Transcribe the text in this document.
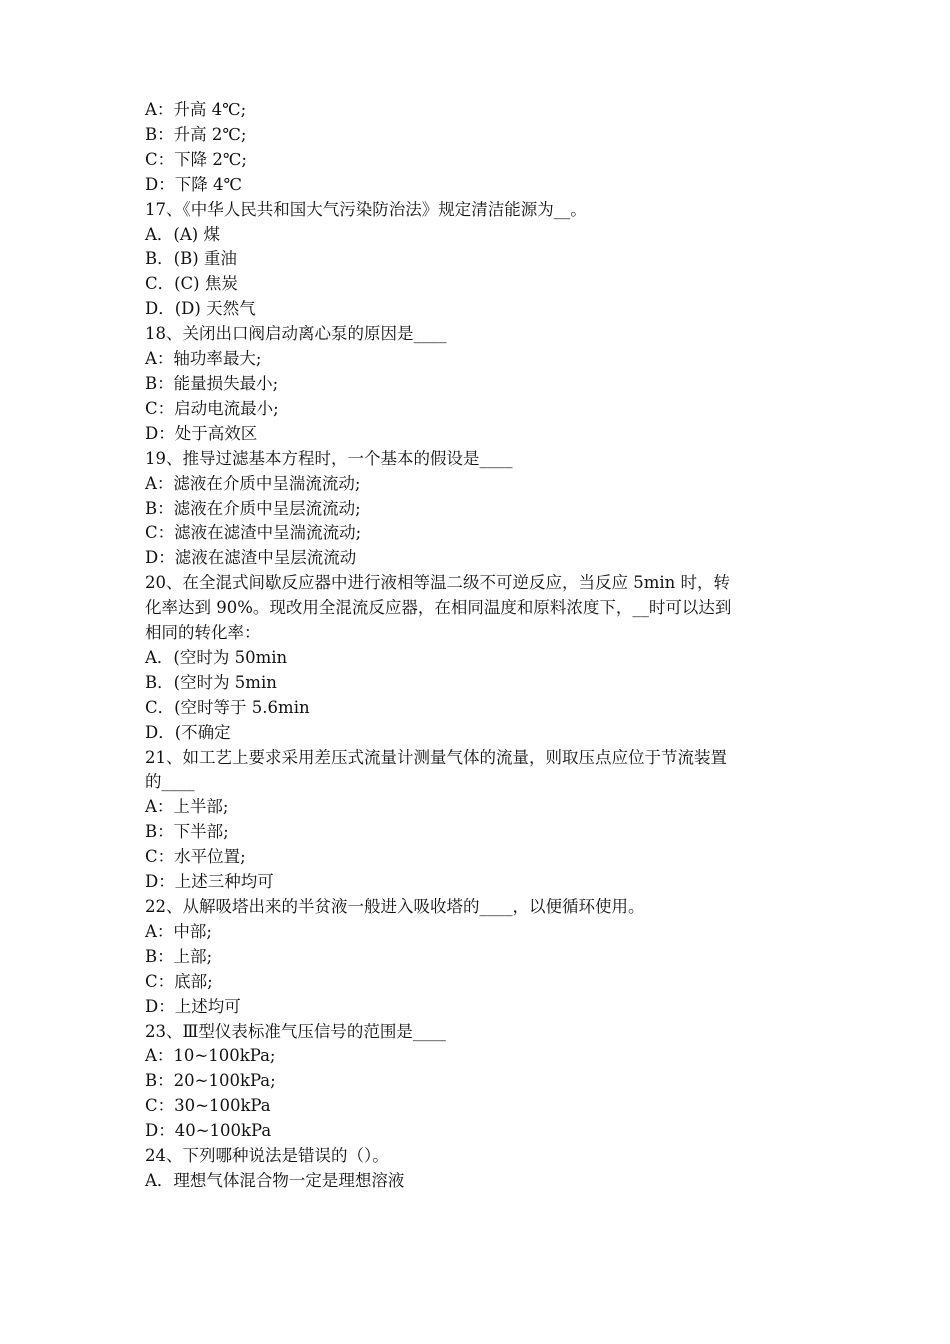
A：升高 4℃;

B：升高 2℃;

C：下降 2℃;

D：下降 4℃

17、《中华人民共和国大气污染防治法》规定清洁能源为__。

A．(A) 煤

B．(B) 重油

C．(C) 焦炭

D．(D) 天然气

18、关闭出口阀启动离心泵的原因是____

A：轴功率最大;

B：能量损失最小;

C：启动电流最小;

D：处于高效区

19、推导过滤基本方程时，一个基本的假设是____

A：滤液在介质中呈湍流流动;

B：滤液在介质中呈层流流动;

C：滤液在滤渣中呈湍流流动;

D：滤液在滤渣中呈层流流动

20、在全混式间歇反应器中进行液相等温二级不可逆反应，当反应 5min 时，转

化率达到 90%。现改用全混流反应器，在相同温度和原料浓度下，__时可以达到

相同的转化率：

A．(空时为 50min

B．(空时为 5min

C．(空时等于 5.6min

D．(不确定

21、如工艺上要求采用差压式流量计测量气体的流量，则取压点应位于节流装置

的____

A：上半部;

B：下半部;

C：水平位置;

D：上述三种均可

22、从解吸塔出来的半贫液一般进入吸收塔的____，以便循环使用。

A：中部;

B：上部;

C：底部;

D：上述均可

23、Ⅲ型仪表标准气压信号的范围是____

A：10~100kPa;

B：20~100kPa;

C：30~100kPa

D：40~100kPa

24、下列哪种说法是错误的（）。

A．理想气体混合物一定是理想溶液
